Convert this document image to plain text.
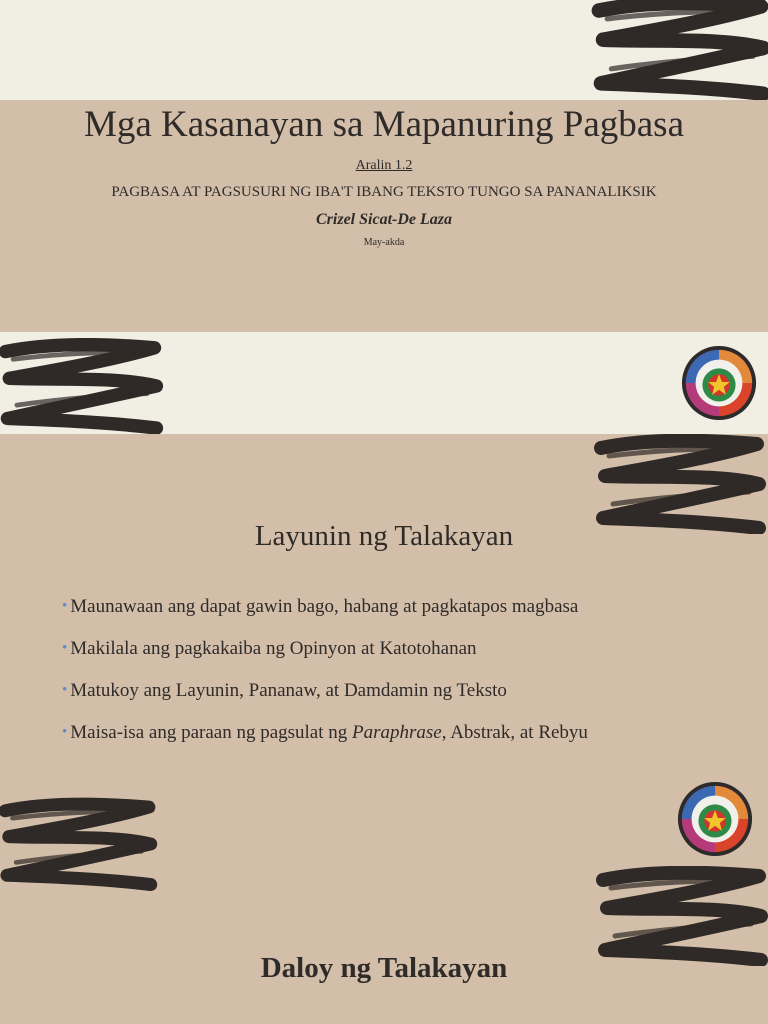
Mga Kasanayan sa Mapanuring Pagbasa
Aralin 1.2
PAGBASA AT PAGSUSURI NG IBA'T IBANG TEKSTO TUNGO SA PANANALIKSIK
Crizel Sicat-De Laza
May-akda
Layunin ng Talakayan
• Maunawaan ang dapat gawin bago, habang at pagkatapos magbasa
• Makilala ang pagkakaiba ng Opinyon at Katotohanan
• Matukoy ang Layunin, Pananaw, at Damdamin ng Teksto
• Maisa-isa ang paraan ng pagsulat ng Paraphrase, Abstrak, at Rebyu
Daloy ng Talakayan
